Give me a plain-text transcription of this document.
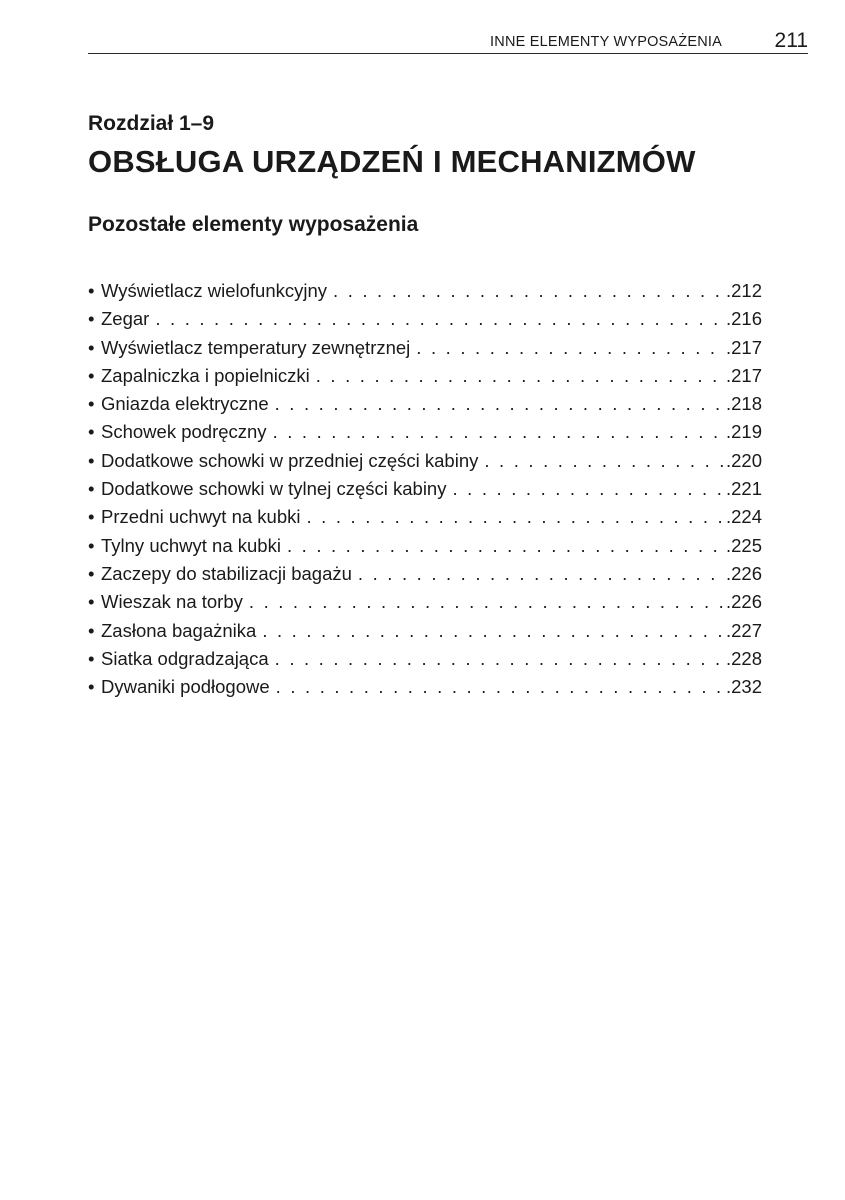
INNE ELEMENTY WYPOSAŻENIA	211
Rozdział 1–9
OBSŁUGA URZĄDZEŃ I MECHANIZMÓW
Pozostałe elementy wyposażenia
• Wyświetlacz wielofunkcyjny . . .	.212
• Zegar . . .	.216
• Wyświetlacz temperatury zewnętrznej . . .	.217
• Zapalniczka i popielniczki . . .	.217
• Gniazda elektryczne . . .	.218
• Schowek podręczny . . .	.219
• Dodatkowe schowki w przedniej części kabiny . . .	.220
• Dodatkowe schowki w tylnej części kabiny . . .	.221
• Przedni uchwyt na kubki . . .	.224
• Tylny uchwyt na kubki . . .	.225
• Zaczepy do stabilizacji bagażu . . .	.226
• Wieszak na torby . . .	.226
• Zasłona bagażnika . . .	.227
• Siatka odgradzająca . . .	.228
• Dywaniki podłogowe . . .	.232
